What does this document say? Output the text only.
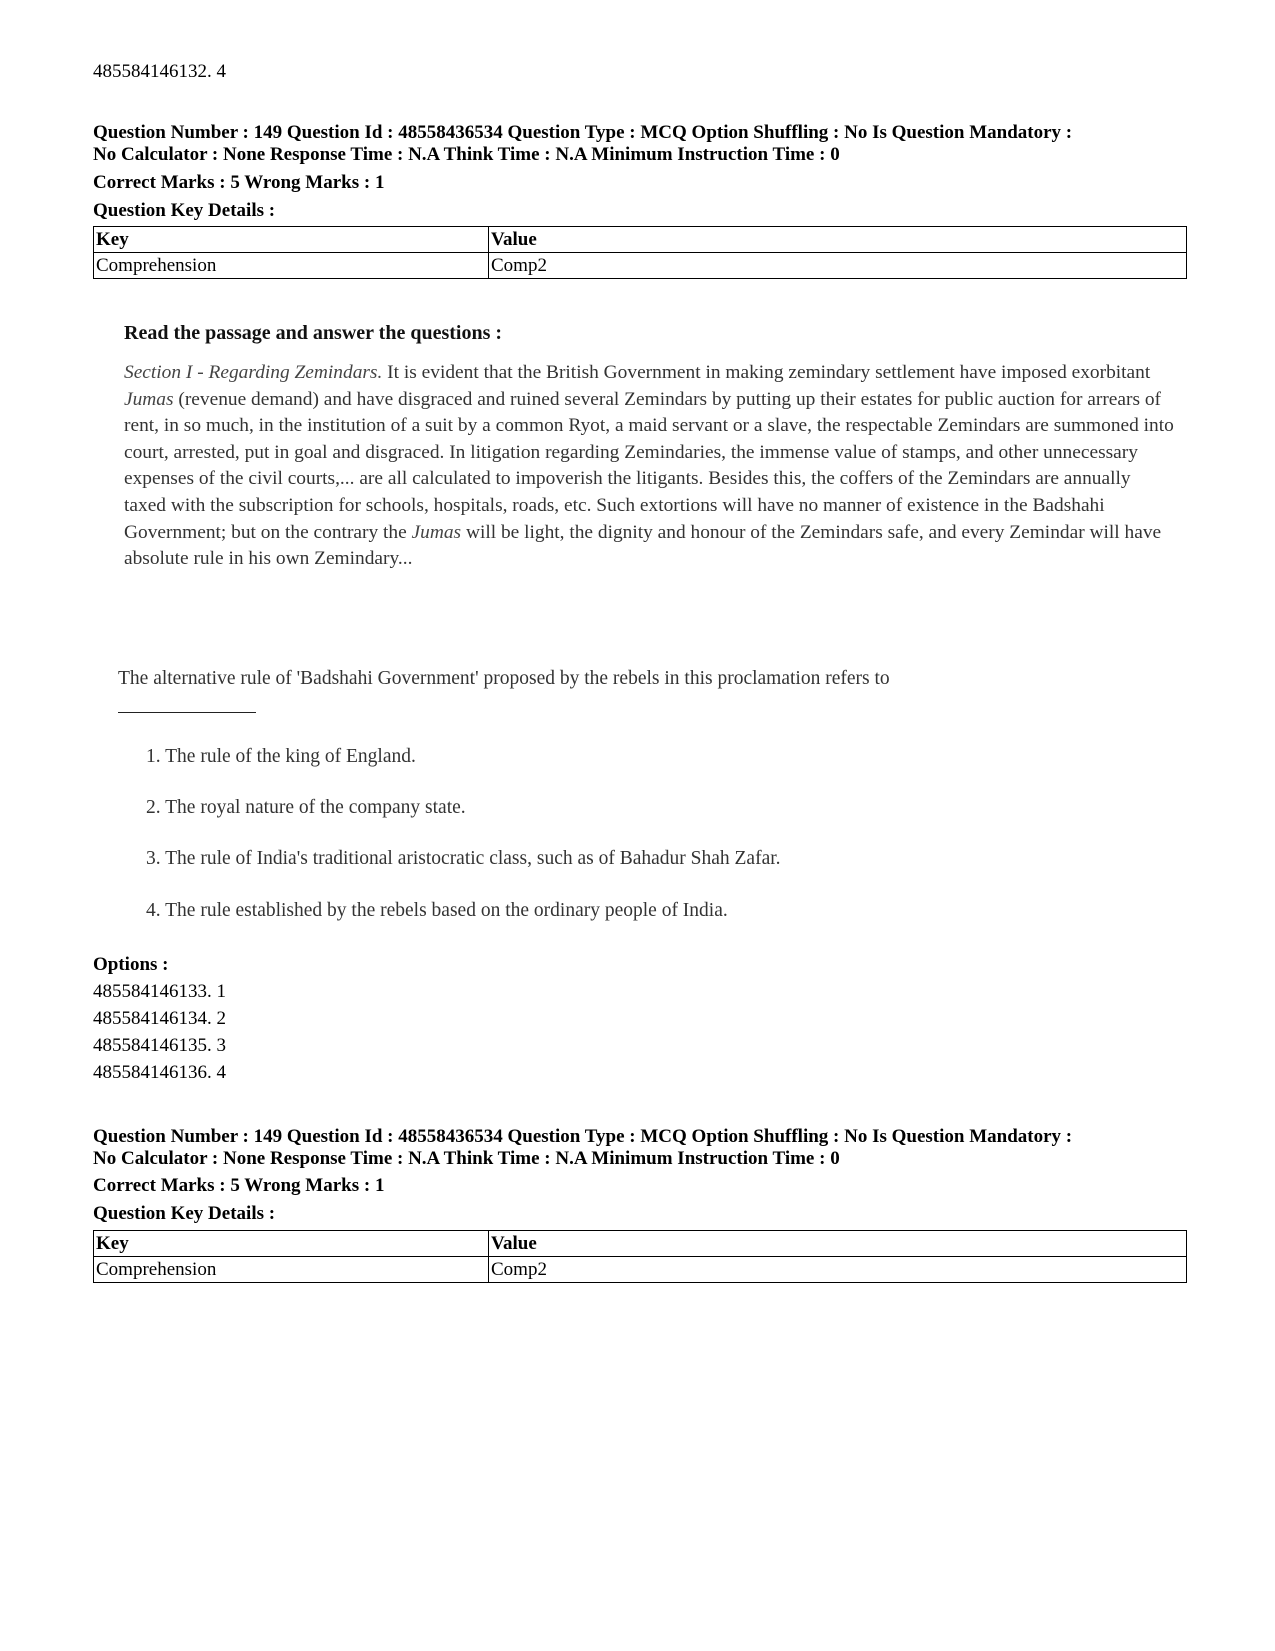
485584146132. 4
Question Number : 149 Question Id : 48558436534 Question Type : MCQ Option Shuffling : No Is Question Mandatory :
No Calculator : None Response Time : N.A Think Time : N.A Minimum Instruction Time : 0
Correct Marks : 5 Wrong Marks : 1
Question Key Details :
Key	Value
Comprehension	Comp2
Read the passage and answer the questions :
Section I - Regarding Zemindars. It is evident that the British Government in making zemindary settlement have imposed exorbitant Jumas (revenue demand) and have disgraced and ruined several Zemindars by putting up their estates for public auction for arrears of rent, in so much, in the institution of a suit by a common Ryot, a maid servant or a slave, the respectable Zemindars are summoned into court, arrested, put in goal and disgraced. In litigation regarding Zemindaries, the immense value of stamps, and other unnecessary expenses of the civil courts,... are all calculated to impoverish the litigants. Besides this, the coffers of the Zemindars are annually taxed with the subscription for schools, hospitals, roads, etc. Such extortions will have no manner of existence in the Badshahi Government; but on the contrary the Jumas will be light, the dignity and honour of the Zemindars safe, and every Zemindar will have absolute rule in his own Zemindary...
The alternative rule of 'Badshahi Government' proposed by the rebels in this proclamation refers to
1. The rule of the king of England.
2. The royal nature of the company state.
3. The rule of India's traditional aristocratic class, such as of Bahadur Shah Zafar.
4. The rule established by the rebels based on the ordinary people of India.
Options :
485584146133. 1
485584146134. 2
485584146135. 3
485584146136. 4
Question Number : 149 Question Id : 48558436534 Question Type : MCQ Option Shuffling : No Is Question Mandatory :
No Calculator : None Response Time : N.A Think Time : N.A Minimum Instruction Time : 0
Correct Marks : 5 Wrong Marks : 1
Question Key Details :
Key	Value
Comprehension	Comp2
